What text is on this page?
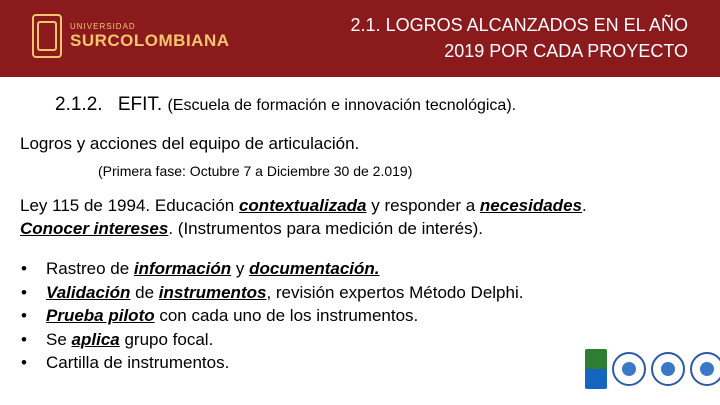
UNIVERSIDAD
SURCOLOMBIANA
2.1. LOGROS ALCANZADOS EN EL AÑO
2019 POR CADA PROYECTO
2.1.2. EFIT. (Escuela de formación e innovación tecnológica).
Logros y acciones del equipo de articulación.
(Primera fase: Octubre 7 a Diciembre 30 de 2.019)
Ley 115 de 1994. Educación contextualizada y responder a necesidades.
Conocer intereses. (Instrumentos para medición de interés).
• Rastreo de información y documentación.
• Validación de instrumentos, revisión expertos Método Delphi.
• Prueba piloto con cada uno de los instrumentos.
• Se aplica grupo focal.
• Cartilla de instrumentos.
